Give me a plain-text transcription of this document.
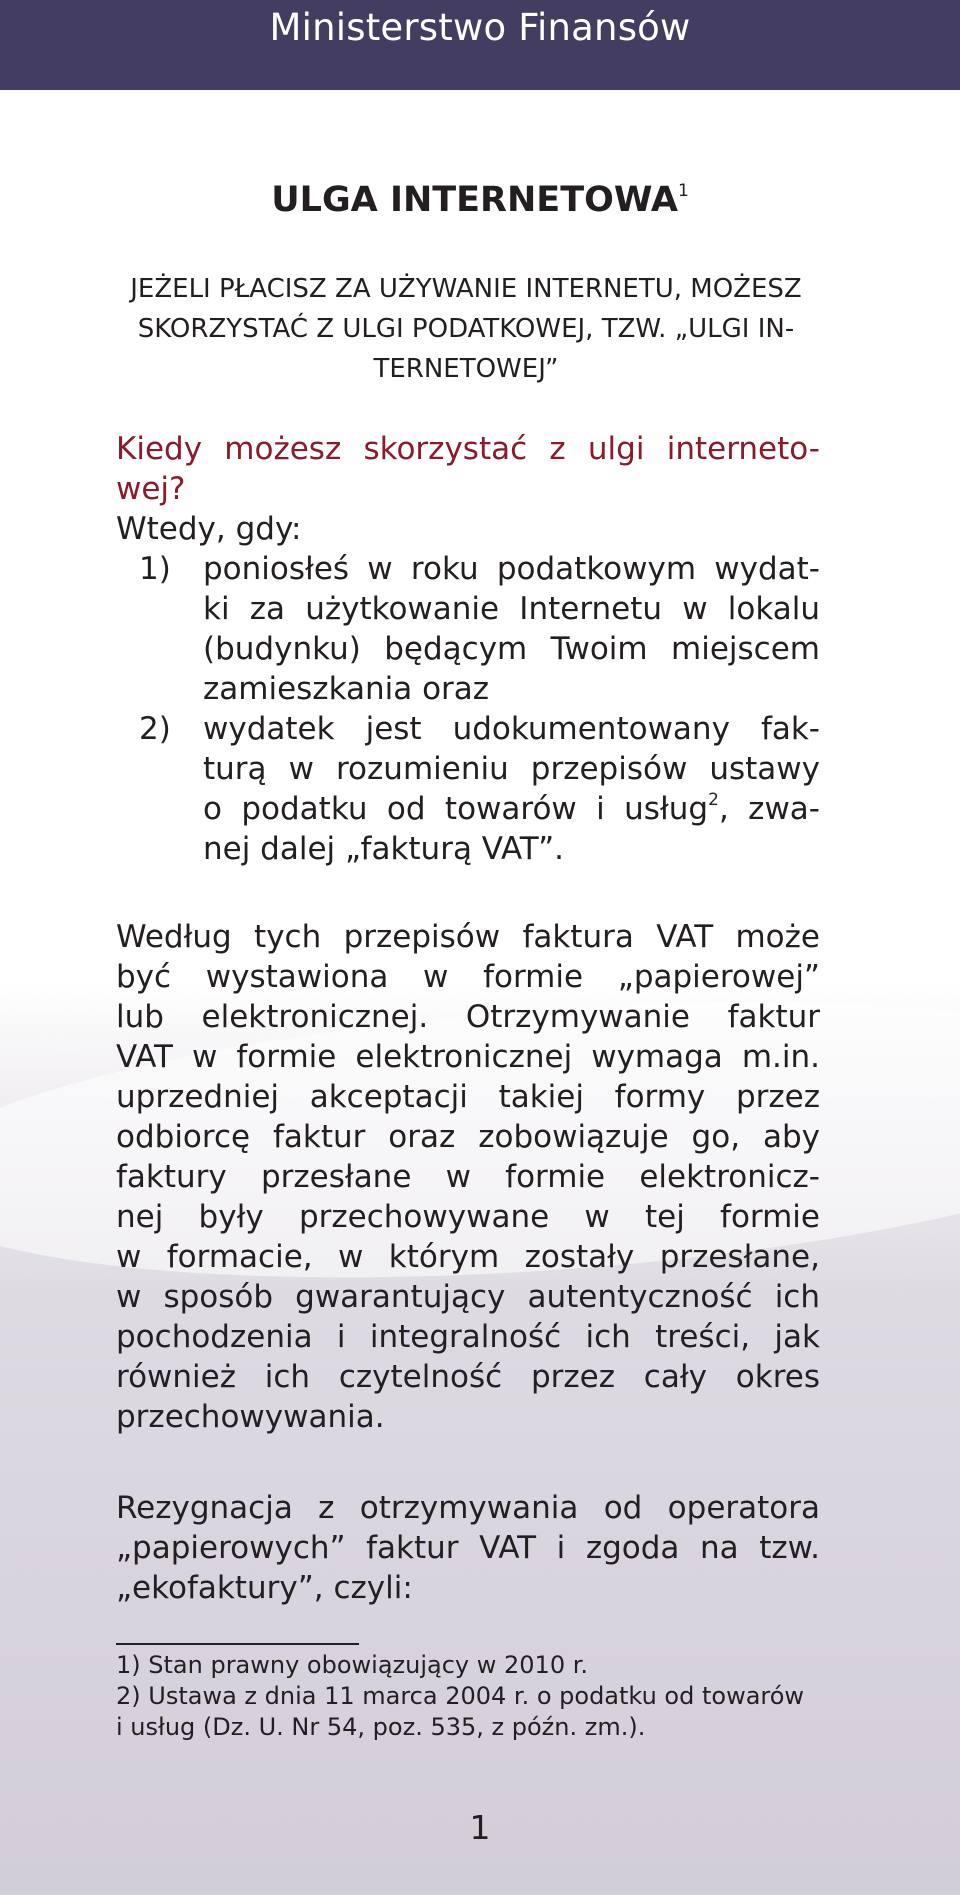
Ministerstwo Finansów
ULGA INTERNETOWA$^1$
JEŻELI PŁACISZ ZA UŻYWANIE INTERNETU, MOŻESZ
SKORZYSTAĆ Z ULGI PODATKOWEJ, TZW. „ULGI IN-
TERNETOWEJ”
Kiedy możesz skorzystać z ulgi interneto-
wej?
Wtedy, gdy:
1) poniosłeś w roku podatkowym wydat-
ki za użytkowanie Internetu w lokalu
(budynku) będącym Twoim miejscem
zamieszkania oraz
2) wydatek jest udokumentowany fak-
turą w rozumieniu przepisów ustawy
o podatku od towarów i usług$^2$, zwa-
nej dalej „fakturą VAT”.
Według tych przepisów faktura VAT może
być wystawiona w formie „papierowej”
lub elektronicznej. Otrzymywanie faktur
VAT w formie elektronicznej wymaga m.in.
uprzedniej akceptacji takiej formy przez
odbiorcę faktur oraz zobowiązuje go, aby
faktury przesłane w formie elektronicz-
nej były przechowywane w tej formie
w formacie, w którym zostały przesłane,
w sposób gwarantujący autentyczność ich
pochodzenia i integralność ich treści, jak
również ich czytelność przez cały okres
przechowywania.
Rezygnacja z otrzymywania od operatora
„papierowych” faktur VAT i zgoda na tzw.
„ekofaktury”, czyli:
1) Stan prawny obowiązujący w 2010 r.
2) Ustawa z dnia 11 marca 2004 r. o podatku od towarów
i usług (Dz. U. Nr 54, poz. 535, z późn. zm.).
1
